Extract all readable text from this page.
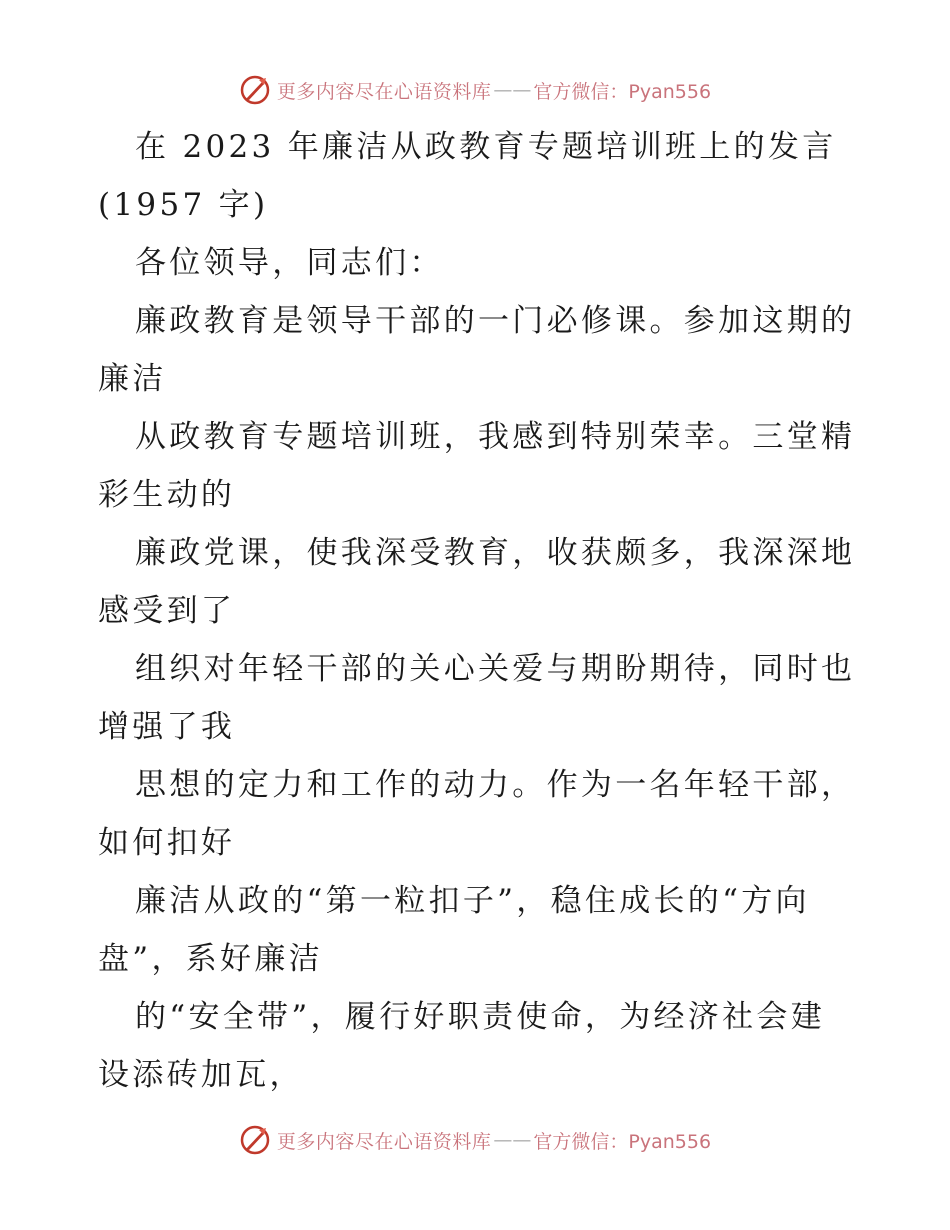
更多内容尽在心语资料库 —— 官方微信：Pyan556
在 2023 年廉洁从政教育专题培训班上的发言
(1957 字)
各位领导，同志们：
廉政教育是领导干部的一门必修课。参加这期的
廉洁
从政教育专题培训班，我感到特别荣幸。三堂精
彩生动的
廉政党课，使我深受教育，收获颇多，我深深地
感受到了
组织对年轻干部的关心关爱与期盼期待，同时也
增强了我
思想的定力和工作的动力。作为一名年轻干部，
如何扣好
廉洁从政的“第一粒扣子”，稳住成长的“方向
盘”，系好廉洁
的“安全带”，履行好职责使命，为经济社会建
设添砖加瓦，
更多内容尽在心语资料库 —— 官方微信：Pyan556
